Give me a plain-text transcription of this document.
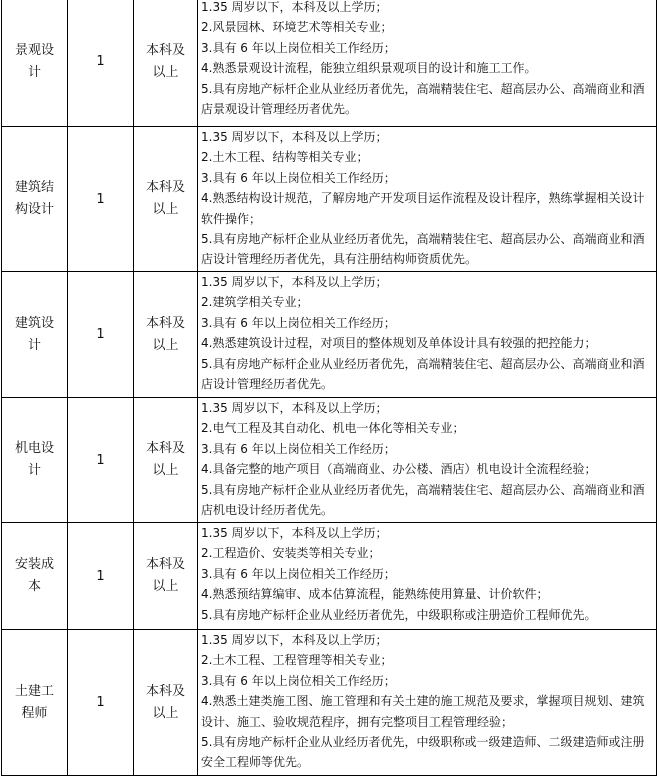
景观设计	1	本科及以上	1.35 周岁以下，本科及以上学历；
2.风景园林、环境艺术等相关专业；
3.具有 6 年以上岗位相关工作经历；
4.熟悉景观设计流程，能独立组织景观项目的设计和施工工作。
5.具有房地产标杆企业从业经历者优先，高端精装住宅、超高层办公、高端商业和酒店景观设计管理经历者优先。

建筑结构设计	1	本科及以上	1.35 周岁以下，本科及以上学历；
2.土木工程、结构等相关专业；
3.具有 6 年以上岗位相关工作经历；
4.熟悉结构设计规范，了解房地产开发项目运作流程及设计程序，熟练掌握相关设计软件操作；
5.具有房地产标杆企业从业经历者优先，高端精装住宅、超高层办公、高端商业和酒店设计管理经历者优先，具有注册结构师资质优先。

建筑设计	1	本科及以上	1.35 周岁以下，本科及以上学历；
2.建筑学相关专业；
3.具有 6 年以上岗位相关工作经历；
4.熟悉建筑设计过程，对项目的整体规划及单体设计具有较强的把控能力；
5.具有房地产标杆企业从业经历者优先，高端精装住宅、超高层办公、高端商业和酒店设计管理经历者优先。

机电设计	1	本科及以上	1.35 周岁以下，本科及以上学历；
2.电气工程及其自动化、机电一体化等相关专业；
3.具有 6 年以上岗位相关工作经历；
4.具备完整的地产项目（高端商业、办公楼、酒店）机电设计全流程经验；
5.具有房地产标杆企业从业经历者优先，高端精装住宅、超高层办公、高端商业和酒店机电设计经历者优先。

安装成本	1	本科及以上	1.35 周岁以下，本科及以上学历；
2.工程造价、安装类等相关专业；
3.具有 6 年以上岗位相关工作经历；
4.熟悉预结算编审、成本估算流程，能熟练使用算量、计价软件；
5.具有房地产标杆企业从业经历者优先，中级职称或注册造价工程师优先。

土建工程师	1	本科及以上	1.35 周岁以下，本科及以上学历；
2.土木工程、工程管理等相关专业；
3.具有 6 年以上岗位相关工作经历；
4.熟悉土建类施工图、施工管理和有关土建的施工规范及要求，掌握项目规划、建筑设计、施工、验收规范程序，拥有完整项目工程管理经验；
5.具有房地产标杆企业从业经历者优先，中级职称或一级建造师、二级建造师或注册安全工程师等优先。
